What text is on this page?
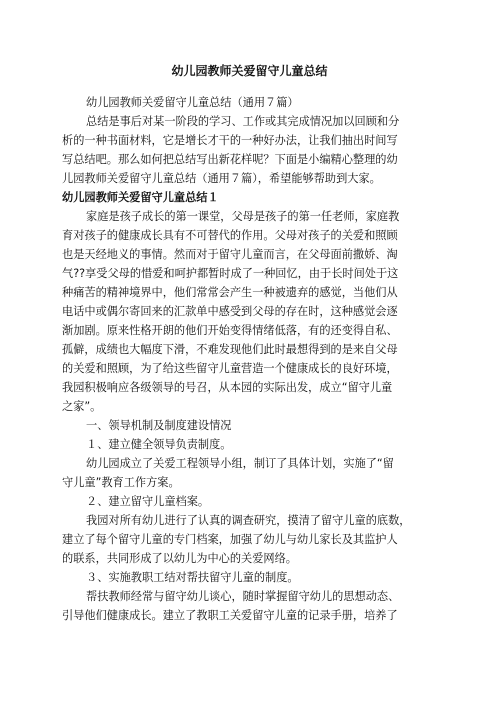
幼儿园教师关爱留守儿童总结
幼儿园教师关爱留守儿童总结（通用７篇）
总结是事后对某一阶段的学习、工作或其完成情况加以回顾和分
析的一种书面材料，它是增长才干的一种好办法，让我们抽出时间写
写总结吧。那么如何把总结写出新花样呢？下面是小编精心整理的幼
儿园教师关爱留守儿童总结（通用７篇），希望能够帮助到大家。
幼儿园教师关爱留守儿童总结１
家庭是孩子成长的第一课堂，父母是孩子的第一任老师，家庭教
育对孩子的健康成长具有不可替代的作用。父母对孩子的关爱和照顾
也是天经地义的事情。然而对于留守儿童而言，在父母面前撒娇、淘
气??享受父母的惜爱和呵护都暂时成了一种回忆，由于长时间处于这
种痛苦的精神境界中，他们常常会产生一种被遗弃的感觉，当他们从
电话中或偶尔寄回来的汇款单中感受到父母的存在时，这种感觉会逐
渐加剧。原来性格开朗的他们开始变得情绪低落，有的还变得自私、
孤僻，成绩也大幅度下滑，不难发现他们此时最想得到的是来自父母
的关爱和照顾，为了给这些留守儿童营造一个健康成长的良好环境，
我园积极响应各级领导的号召，从本园的实际出发，成立“留守儿童
之家”。
一、领导机制及制度建设情况
１、建立健全领导负责制度。
幼儿园成立了关爱工程领导小组，制订了具体计划，实施了“留
守儿童”教育工作方案。
２、建立留守儿童档案。
我园对所有幼儿进行了认真的调查研究，摸清了留守儿童的底数，
建立了每个留守儿童的专门档案，加强了幼儿与幼儿家长及其监护人
的联系，共同形成了以幼儿为中心的关爱网络。
３、实施教职工结对帮扶留守儿童的制度。
帮扶教师经常与留守幼儿谈心，随时掌握留守幼儿的思想动态、
引导他们健康成长。建立了教职工关爱留守儿童的记录手册，培养了
